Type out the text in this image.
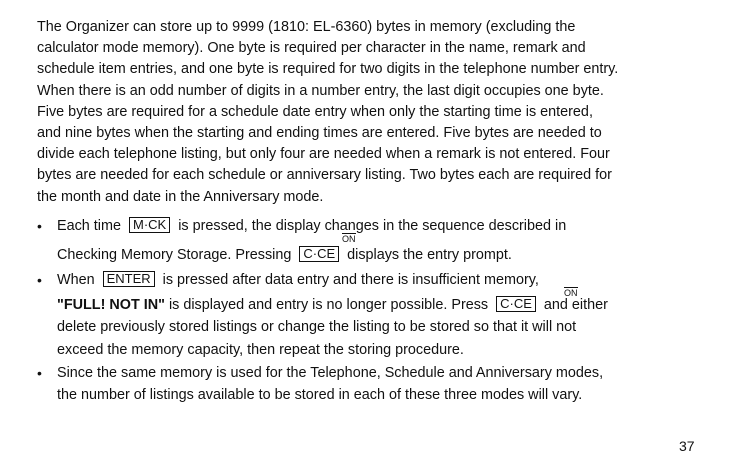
The Organizer can store up to 9999 (1810: EL-6360) bytes in memory (excluding the
calculator mode memory). One byte is required per character in the name, remark and
schedule item entries, and one byte is required for two digits in the telephone number entry.
When there is an odd number of digits in a number entry, the last digit occupies one byte.
Five bytes are required for a schedule date entry when only the starting time is entered,
and nine bytes when the starting and ending times are entered. Five bytes are needed to
divide each telephone listing, but only four are needed when a remark is not entered. Four
bytes are needed for each schedule or anniversary listing. Two bytes each are required for
the month and date in the Anniversary mode.
•	Each time M·CK is pressed, the display changes in the sequence described in
ON
Checking Memory Storage. Pressing C·CE displays the entry prompt.
•	When ENTER is pressed after data entry and there is insufficient memory,
ON
"FULL! NOT IN" is displayed and entry is no longer possible. Press C·CE and either
delete previously stored listings or change the listing to be stored so that it will not
exceed the memory capacity, then repeat the storing procedure.
•	Since the same memory is used for the Telephone, Schedule and Anniversary modes,
the number of listings available to be stored in each of these three modes will vary.
37
